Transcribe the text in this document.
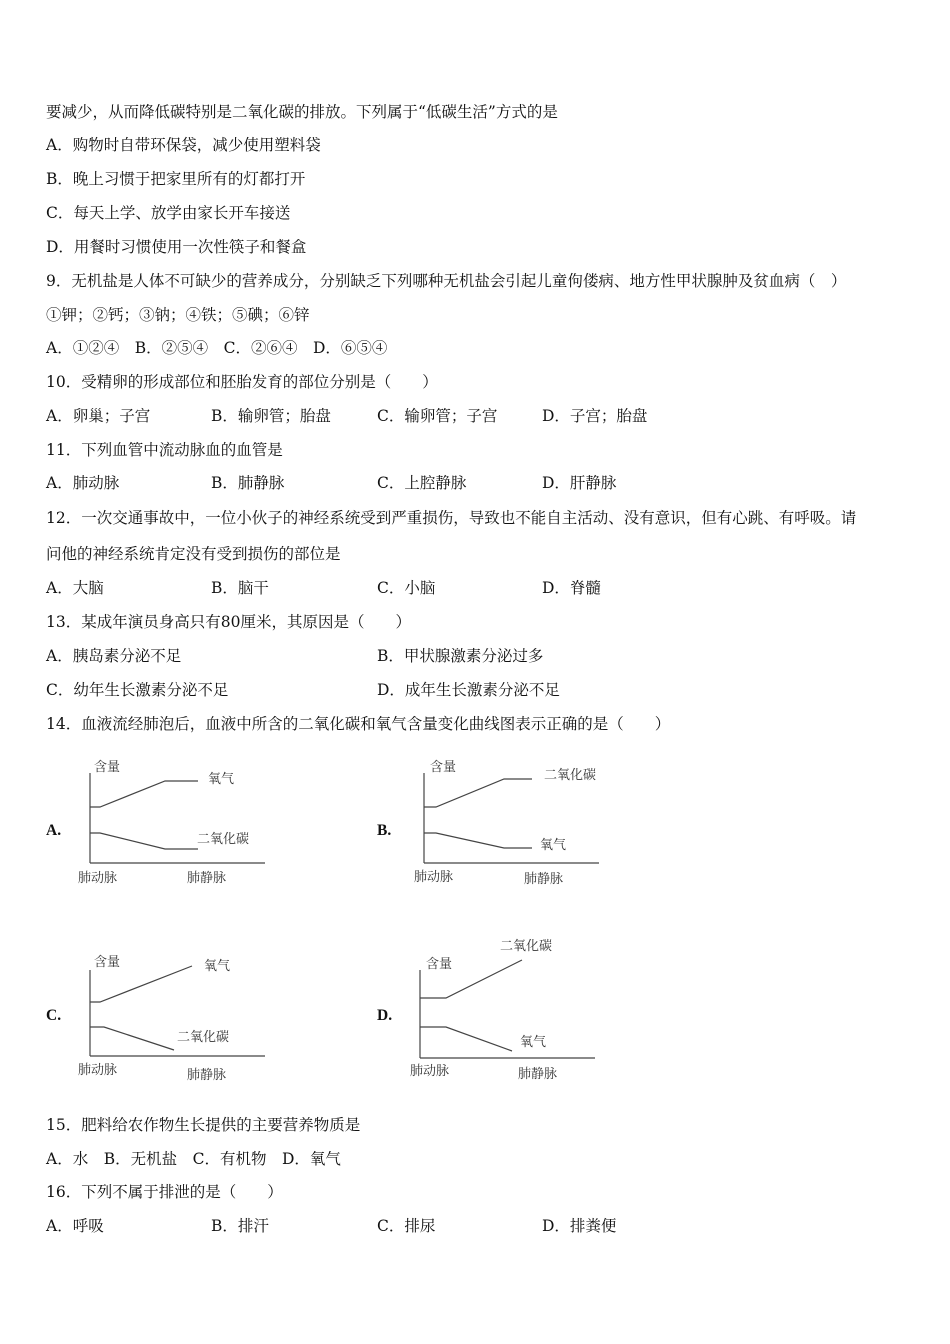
要减少，从而降低碳特别是二氧化碳的排放。下列属于“低碳生活”方式的是
A．购物时自带环保袋，减少使用塑料袋
B．晚上习惯于把家里所有的灯都打开
C．每天上学、放学由家长开车接送
D．用餐时习惯使用一次性筷子和餐盒
9．无机盐是人体不可缺少的营养成分，分别缺乏下列哪种无机盐会引起儿童佝偻病、地方性甲状腺肿及贫血病（　）
①钾；②钙；③钠；④铁；⑤碘；⑥锌
A．①②④　B．②⑤④　C．②⑥④　D．⑥⑤④
10．受精卵的形成部位和胚胎发育的部位分别是（　　）
A．卵巢；子宫	B．输卵管；胎盘	C．输卵管；子宫	D．子宫；胎盘
11．下列血管中流动脉血的血管是
A．肺动脉	B．肺静脉	C．上腔静脉	D．肝静脉
12．一次交通事故中，一位小伙子的神经系统受到严重损伤，导致也不能自主活动、没有意识，但有心跳、有呼吸。请
问他的神经系统肯定没有受到损伤的部位是
A．大脑	B．脑干	C．小脑	D．脊髓
13．某成年演员身高只有80厘米，其原因是（　　）
A．胰岛素分泌不足	B．甲状腺激素分泌过多
C．幼年生长激素分泌不足	D．成年生长激素分泌不足
14．血液流经肺泡后，血液中所含的二氧化碳和氧气含量变化曲线图表示正确的是（　　）
A.
含量
氧气
二氧化碳
肺动脉	肺静脉
B.
含量
二氧化碳
氧气
肺动脉	肺静脉
C.
含量	氧气
二氧化碳
肺动脉	肺静脉
D.
含量
二氧化碳
氧气
肺动脉	肺静脉
15．肥料给农作物生长提供的主要营养物质是
A．水　B．无机盐　C．有机物　D．氧气
16．下列不属于排泄的是（　　）
A．呼吸	B．排汗	C．排尿	D．排粪便
